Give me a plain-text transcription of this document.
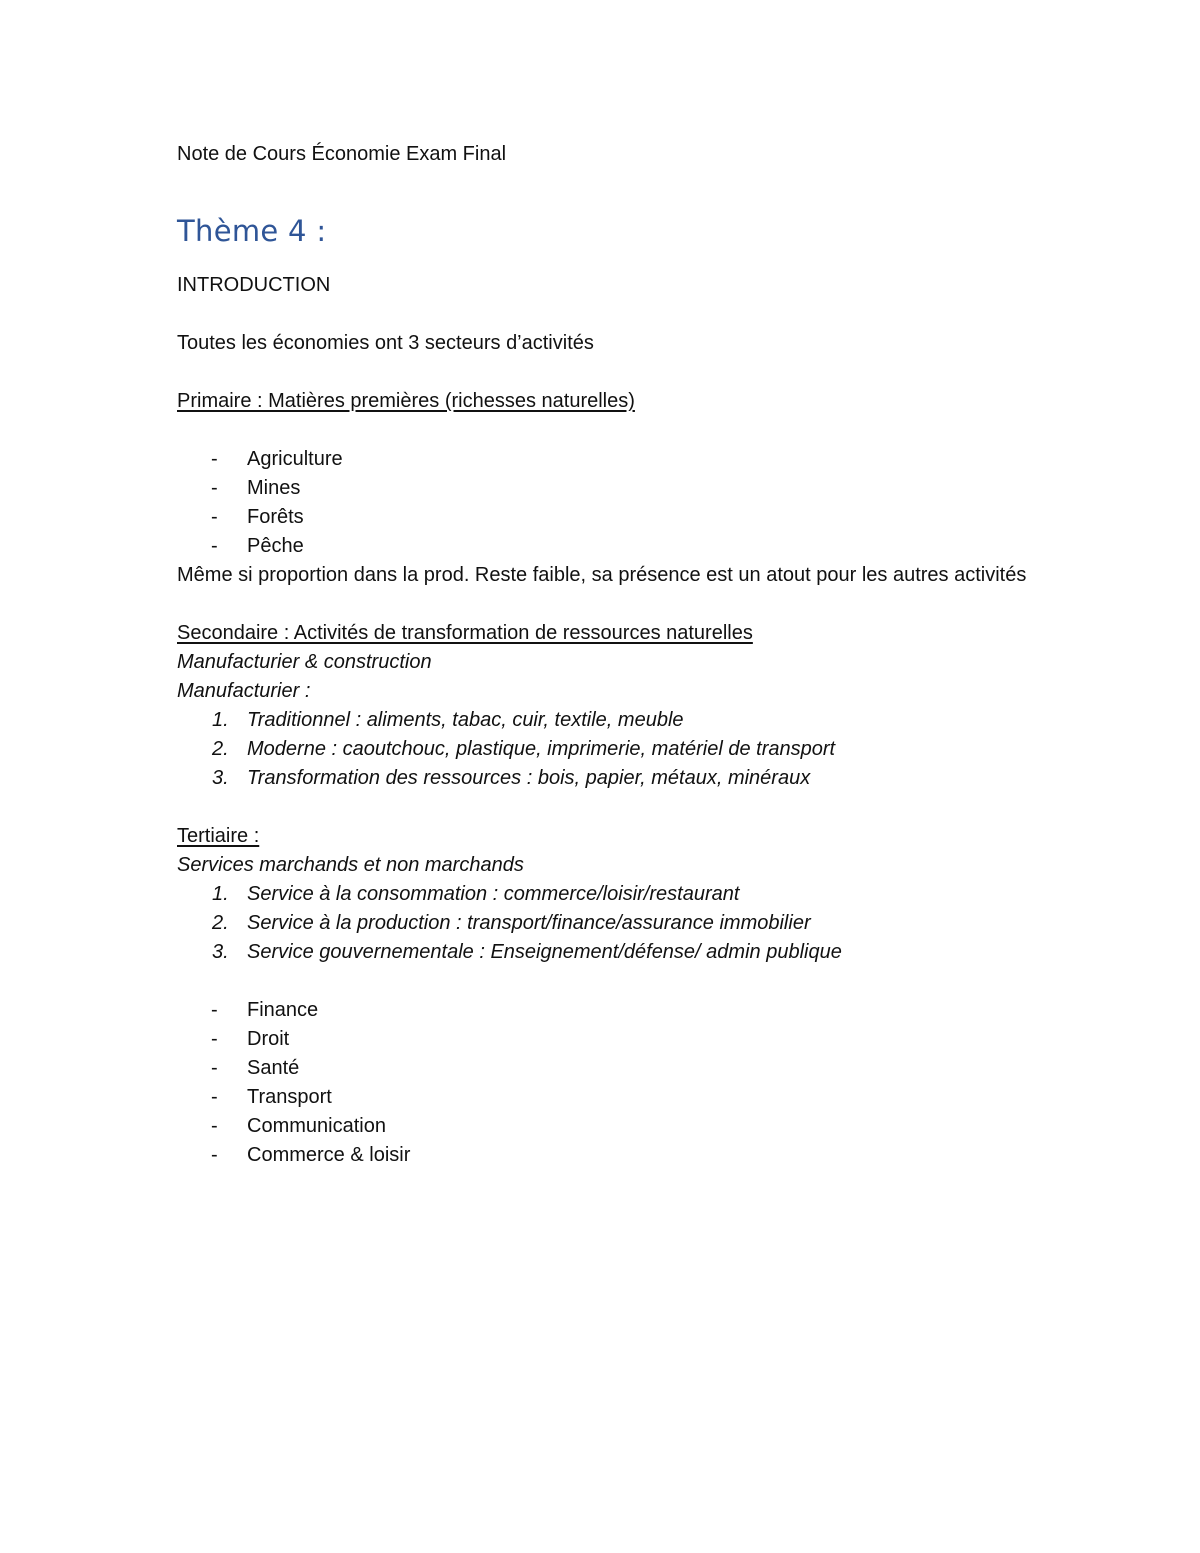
Note de Cours Économie Exam Final

Thème 4 :

INTRODUCTION

Toutes les économies ont 3 secteurs d’activités

Primaire : Matières premières (richesses naturelles)

- Agriculture
- Mines
- Forêts
- Pêche

Même si proportion dans la prod. Reste faible, sa présence est un atout pour les autres activités

Secondaire : Activités de transformation de ressources naturelles

Manufacturier & construction

Manufacturier :

1. Traditionnel : aliments, tabac, cuir, textile, meuble
2. Moderne : caoutchouc, plastique, imprimerie, matériel de transport
3. Transformation des ressources : bois, papier, métaux, minéraux

Tertiaire :

Services marchands et non marchands

1. Service à la consommation : commerce/loisir/restaurant
2. Service à la production : transport/finance/assurance immobilier
3. Service gouvernementale : Enseignement/défense/ admin publique
- Finance
- Droit
- Santé
- Transport
- Communication
- Commerce & loisir
